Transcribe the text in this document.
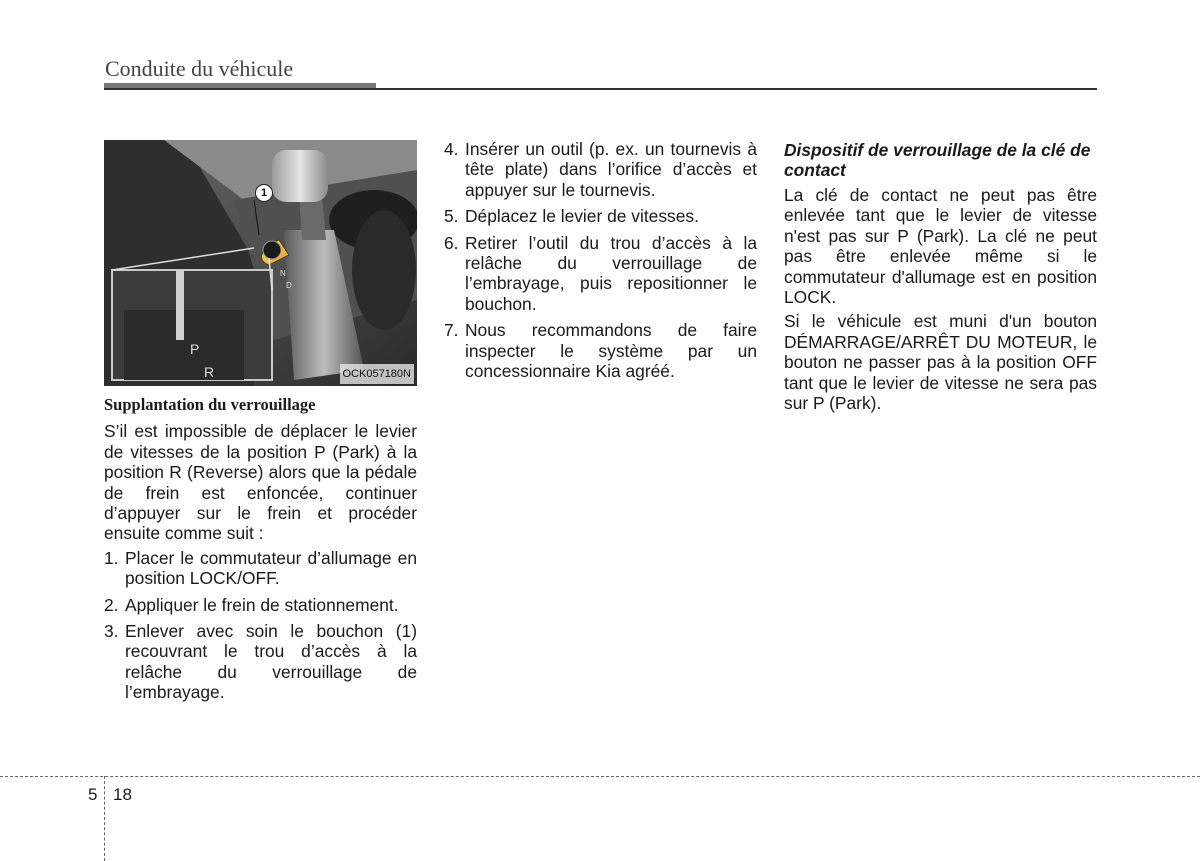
Conduite du véhicule
1
P
R
N
D
OCK057180N
Supplantation du verrouillage

S’il est impossible de déplacer le levier de vitesses de la position P (Park) à la position R (Reverse) alors que la pédale de frein est enfoncée, continuer d’appuyer sur le frein et procéder ensuite comme suit :

1. Placer le commutateur d’allumage en position LOCK/OFF.
2. Appliquer le frein de stationnement.
3. Enlever avec soin le bouchon (1) recouvrant le trou d’accès à la relâche du verrouillage de l’embrayage.
4. Insérer un outil (p. ex. un tournevis à tête plate) dans l’orifice d’accès et appuyer sur le tournevis.
5. Déplacez le levier de vitesses.
6. Retirer l’outil du trou d’accès à la relâche du verrouillage de l’embrayage, puis repositionner le bouchon.
7. Nous recommandons de faire inspecter le système par un concessionnaire Kia agréé.
Dispositif de verrouillage de la clé de contact

La clé de contact ne peut pas être enlevée tant que le levier de vitesse n'est pas sur P (Park). La clé ne peut pas être enlevée même si le commutateur d'allumage est en position LOCK.

Si le véhicule est muni d'un bouton DÉMARRAGE/ARRÊT DU MOTEUR, le bouton ne passer pas à la position OFF tant que le levier de vitesse ne sera pas sur P (Park).

5 18
